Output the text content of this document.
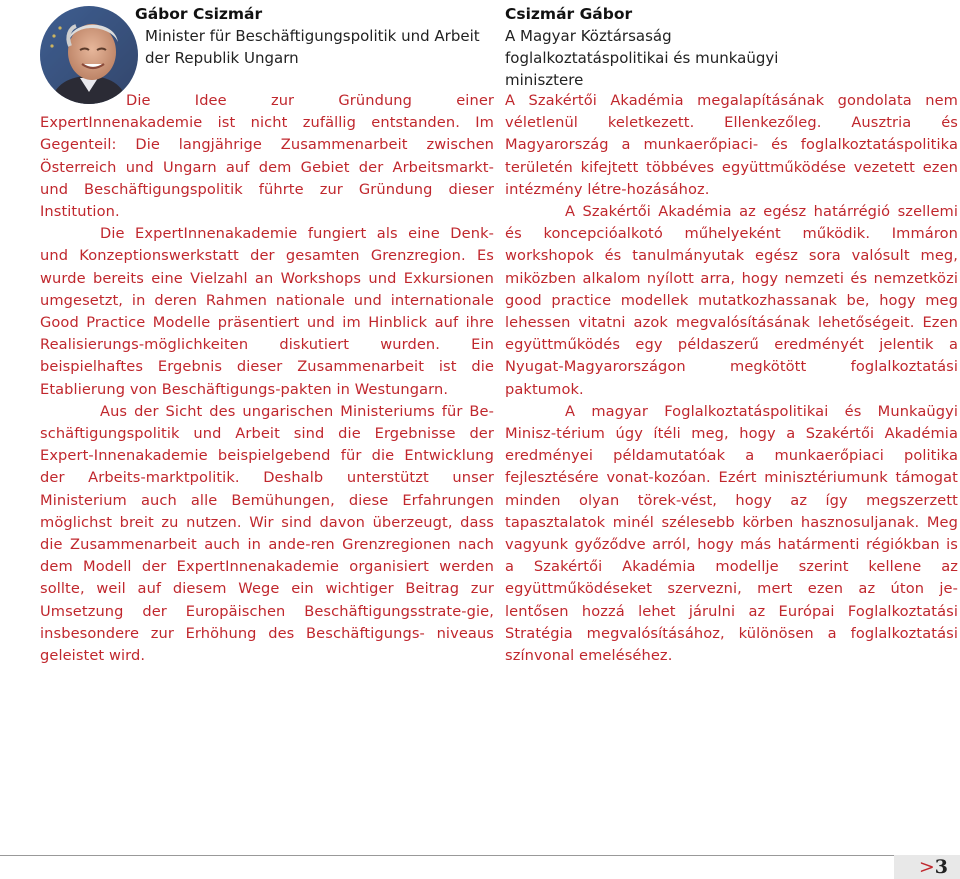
Gábor Csizmár
Minister für Beschäftigungspolitik und Arbeit der Republik Ungarn
Csizmár Gábor
A Magyar Köztársaság foglalkoztatáspolitikai és munkaügyi minisztere

Die Idee zur Gründung einer ExpertInnenakademie ist nicht zufällig entstanden. Im Gegenteil: Die langjährige Zusammenarbeit zwischen Österreich und Ungarn auf dem Gebiet der Arbeitsmarkt- und Beschäftigungspolitik führte zur Gründung dieser Institution.

Die ExpertInnenakademie fungiert als eine Denk- und Konzeptionswerkstatt der gesamten Grenzregion. Es wurde bereits eine Vielzahl an Workshops und Exkursionen umgesetzt, in deren Rahmen nationale und internationale Good Practice Modelle präsentiert und im Hinblick auf ihre Realisierungs-möglichkeiten diskutiert wurden. Ein beispielhaftes Ergebnis dieser Zusammenarbeit ist die Etablierung von Beschäftigungs-pakten in Westungarn.

Aus der Sicht des ungarischen Ministeriums für Be-schäftigungspolitik und Arbeit sind die Ergebnisse der Expert-Innenakademie beispielgebend für die Entwicklung der Arbeits-marktpolitik. Deshalb unterstützt unser Ministerium auch alle Bemühungen, diese Erfahrungen möglichst breit zu nutzen. Wir sind davon überzeugt, dass die Zusammenarbeit auch in ande-ren Grenzregionen nach dem Modell der ExpertInnenakademie organisiert werden sollte, weil auf diesem Wege ein wichtiger Beitrag zur Umsetzung der Europäischen Beschäftigungsstrate-gie, insbesondere zur Erhöhung des Beschäftigungs- niveaus geleistet wird.

A Szakértői Akadémia megalapításának gondolata nem véletlenül keletkezett. Ellenkezőleg. Ausztria és Magyarország a munkaerőpiaci- és foglalkoztatáspolitika területén kifejtett többéves együttműködése vezetett ezen intézmény létre-hozásához.

A Szakértői Akadémia az egész határrégió szellemi és koncepcióalkotó műhelyeként működik. Immáron workshopok és tanulmányutak egész sora valósult meg, miközben alkalom nyílott arra, hogy nemzeti és nemzetközi good practice modellek mutatkozhassanak be, hogy meg lehessen vitatni azok megvalósításának lehetőségeit. Ezen együttműködés egy példaszerű eredményét jelentik a Nyugat-Magyarországon megkötött foglalkoztatási paktumok.

A magyar Foglalkoztatáspolitikai és Munkaügyi Minisz-térium úgy ítéli meg, hogy a Szakértői Akadémia eredményei példamutatóak a munkaerőpiaci politika fejlesztésére vonat-kozóan. Ezért minisztériumunk támogat minden olyan törek-vést, hogy az így megszerzett tapasztalatok minél szélesebb körben hasznosuljanak. Meg vagyunk győződve arról, hogy más határmenti régiókban is a Szakértői Akadémia modellje szerint kellene az együttműködéseket szervezni, mert ezen az úton je-lentősen hozzá lehet járulni az Európai Foglalkoztatási Stratégia megvalósításához, különösen a foglalkoztatási színvonal emeléséhez.

>3
